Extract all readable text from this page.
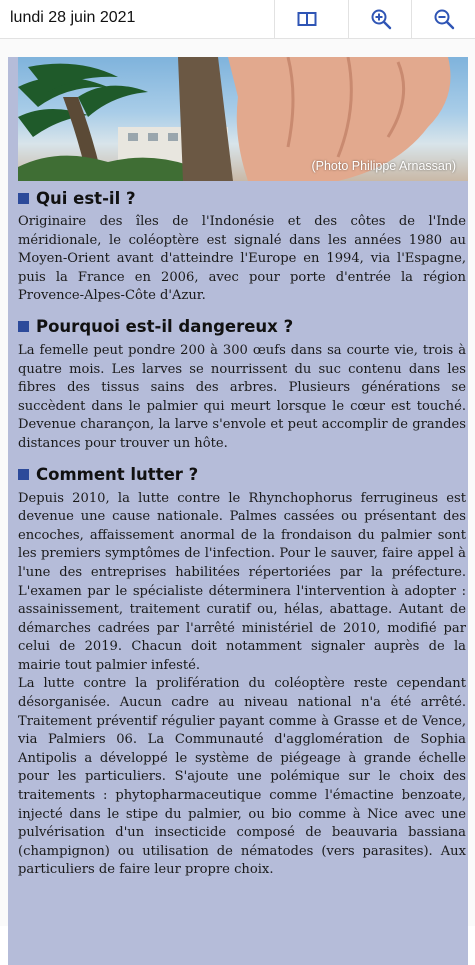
lundi 28 juin 2021
(Photo Philippe Arnassan)
Qui est-il ?

Originaire des îles de l'Indonésie et des côtes de l'Inde méridionale, le coléoptère est signalé dans les années 1980 au Moyen-Orient avant d'atteindre l'Europe en 1994, via l'Espagne, puis la France en 2006, avec pour porte d'entrée la région Provence-Alpes-Côte d'Azur.

Pourquoi est-il dangereux ?

La femelle peut pondre 200 à 300 œufs dans sa courte vie, trois à quatre mois. Les larves se nourrissent du suc contenu dans les fibres des tissus sains des arbres. Plusieurs générations se succèdent dans le palmier qui meurt lorsque le cœur est touché. Devenue charançon, la larve s'envole et peut accomplir de grandes distances pour trouver un hôte.

Comment lutter ?

Depuis 2010, la lutte contre le Rhynchophorus ferrugineus est devenue une cause nationale. Palmes cassées ou présentant des encoches, affaissement anormal de la frondaison du palmier sont les premiers symptômes de l'infection. Pour le sauver, faire appel à l'une des entreprises habilitées répertoriées par la préfecture. L'examen par le spécialiste déterminera l'intervention à adopter : assainissement, traitement curatif ou, hélas, abattage. Autant de démarches cadrées par l'arrêté ministériel de 2010, modifié par celui de 2019. Chacun doit notamment signaler auprès de la mairie tout palmier infesté.

La lutte contre la prolifération du coléoptère reste cependant désorganisée. Aucun cadre au niveau national n'a été arrêté. Traitement préventif régulier payant comme à Grasse et de Vence, via Palmiers 06. La Communauté d'agglomération de Sophia Antipolis a développé le système de piégeage à grande échelle pour les particuliers. S'ajoute une polémique sur le choix des traitements : phytopharmaceutique comme l'émactine benzoate, injecté dans le stipe du palmier, ou bio comme à Nice avec une pulvérisation d'un insecticide composé de beauvaria bassiana (champignon) ou utilisation de nématodes (vers parasites). Aux particuliers de faire leur propre choix.
